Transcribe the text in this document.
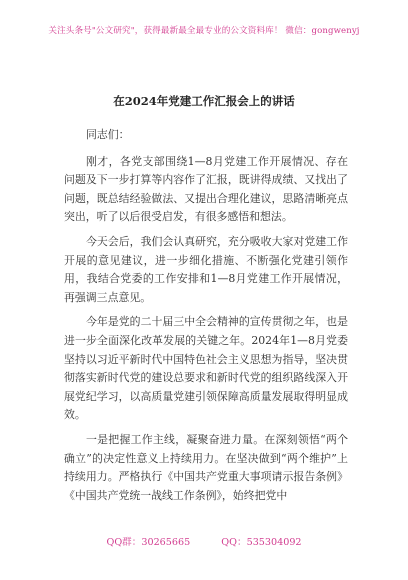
关注头条号"公文研究"，获得最新最全最专业的公文资料库！ 微信：gongwenyj
在2024年党建工作汇报会上的讲话

同志们：

刚才，各党支部围绕1—8月党建工作开展情况、存在问题及下一步打算等内容作了汇报，既讲得成绩、又找出了问题，既总结经验做法、又提出合理化建议，思路清晰亮点突出，听了以后很受启发，有很多感悟和想法。

今天会后，我们会认真研究，充分吸收大家对党建工作开展的意见建议，进一步细化措施、不断强化党建引领作用，我结合党委的工作安排和1—8月党建工作开展情况，再强调三点意见。

今年是党的二十届三中全会精神的宣传贯彻之年，也是进一步全面深化改革发展的关键之年。2024年1—8月党委坚持以习近平新时代中国特色社会主义思想为指导，坚决贯彻落实新时代党的建设总要求和新时代党的组织路线深入开展党纪学习，以高质量党建引领保障高质量发展取得明显成效。

一是把握工作主线，凝聚奋进力量。在深刻领悟“两个确立”的决定性意义上持续用力。在坚决做到“两个维护”上持续用力。严格执行《中国共产党重大事项请示报告条例》《中国共产党统一战线工作条例》，始终把党中

QQ群：30265665	QQ：535304092
